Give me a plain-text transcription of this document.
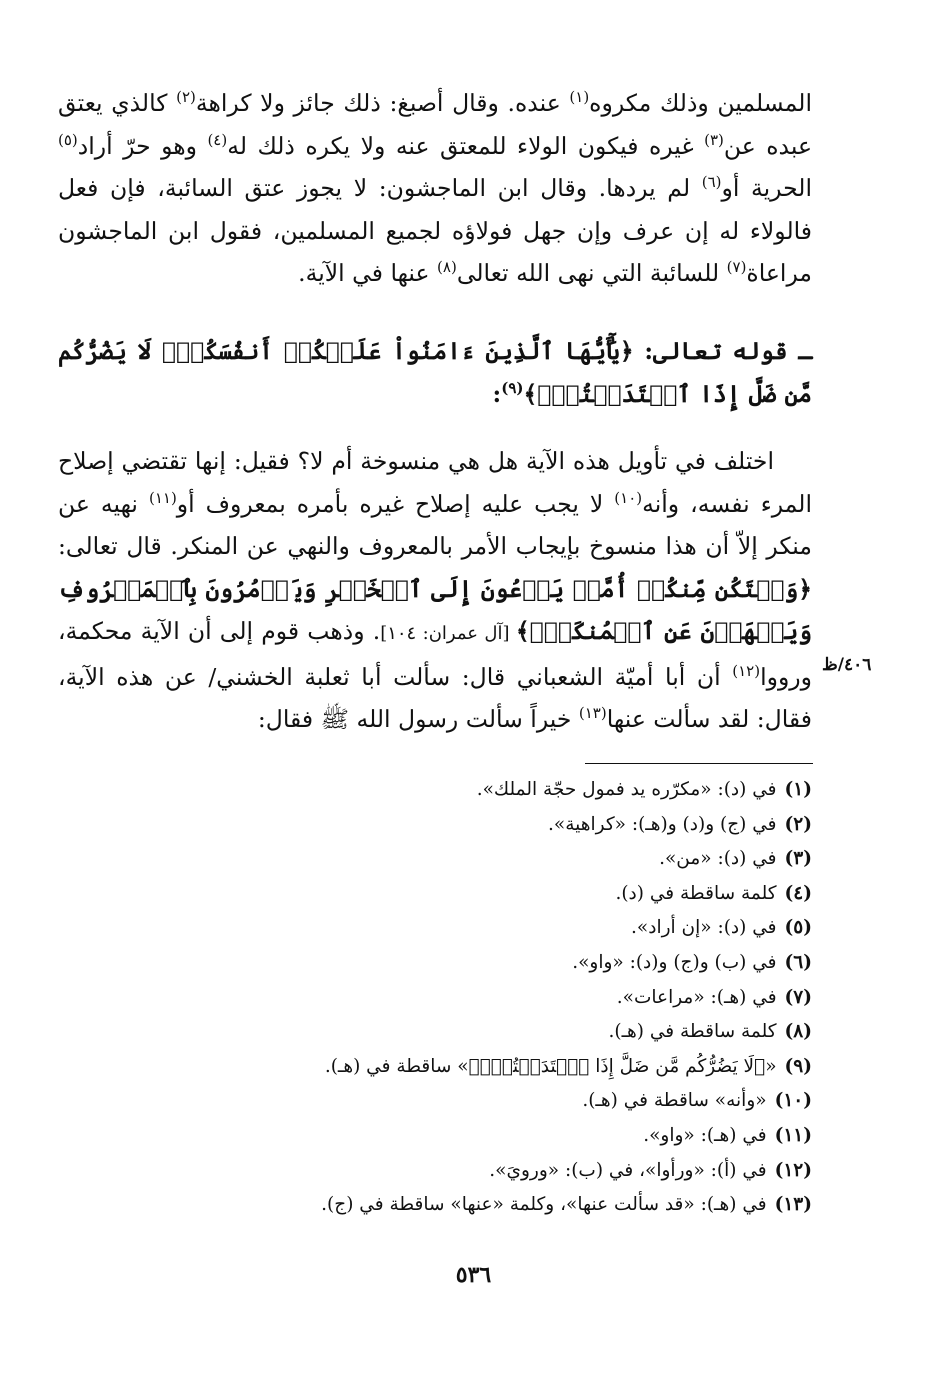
المسلمين وذلك مكروه$^{(١)}$ عنده. وقال أصبغ: ذلك جائز ولا كراهة$^{(٢)}$ كالذي يعتق عبده عن$^{(٣)}$ غيره فيكون الولاء للمعتق عنه ولا يكره ذلك له$^{(٤)}$ وهو حرّ أراد$^{(٥)}$ الحرية أو$^{(٦)}$ لم يردها. وقال ابن الماجشون: لا يجوز عتق السائبة، فإن فعل فالولاء له إن عرف وإن جهل فولاؤه لجميع المسلمين، فقول ابن الماجشون مراعاة$^{(٧)}$ للسائبة التي نهى الله تعالى$^{(٨)}$ عنها في الآية.

ـ قوله تعالى: ﴿يَٰٓأَيُّهَا ٱلَّذِينَ ءَامَنُواْ عَلَيۡكُمۡ أَنفُسَكُمۡۖ لَا يَضُرُّكُم مَّن ضَلَّ إِذَا ٱهۡتَدَيۡتُمۡۚ﴾$^{(٩)}$:

اختلف في تأويل هذه الآية هل هي منسوخة أم لا؟ فقيل: إنها تقتضي إصلاح المرء نفسه، وأنه$^{(١٠)}$ لا يجب عليه إصلاح غيره بأمره بمعروف أو$^{(١١)}$ نهيه عن منكر إلاّ أن هذا منسوخ بإيجاب الأمر بالمعروف والنهي عن المنكر. قال تعالى: ﴿وَلۡتَكُن مِّنكُمۡ أُمَّةٞ يَدۡعُونَ إِلَى ٱلۡخَيۡرِ وَيَأۡمُرُونَ بِٱلۡمَعۡرُوفِ وَيَنۡهَوۡنَ عَنِ ٱلۡمُنكَرِۚ﴾ [آل عمران: ١٠٤]. وذهب قوم إلى أن الآية محكمة، ورووا$^{(١٢)}$ أن أبا أميّة الشعباني قال: سألت أبا ثعلبة الخشني/ عن هذه الآية، فقال: لقد سألت عنها$^{(١٣)}$ خيراً سألت رسول الله ﷺ فقال:

٤٠٦/ظ
(١)في (د): «مكرّره يد فمول حجّة الملك».
(٢)في (ج) و(د) و(هـ): «كراهية».
(٣)في (د): «من».
(٤)كلمة ساقطة في (د).
(٥)في (د): «إن أراد».
(٦)في (ب) و(ج) و(د): «واو».
(٧)في (هـ): «مراعات».
(٨)كلمة ساقطة في (هـ).
(٩)«﴿لَا يَضُرُّكُم مَّن ضَلَّ إِذَا ٱهۡتَدَيۡتُمۡۚ﴾» ساقطة في (هـ).
(١٠)«وأنه» ساقطة في (هـ).
(١١)في (هـ): «واو».
(١٢)في (أ): «ورأوا»، في (ب): «ورويَ».
(١٣)في (هـ): «قد سألت عنها»، وكلمة «عنها» ساقطة في (ج).
٥٣٦
